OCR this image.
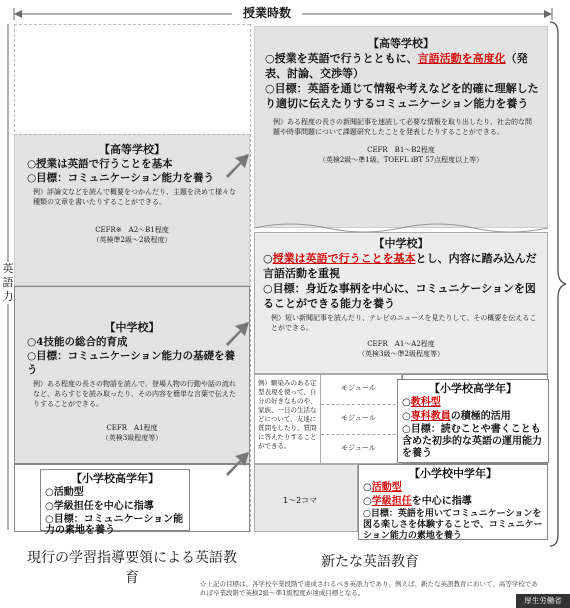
授業時数
英
語
力
【高等学校】
○授業は英語で行うことを基本
○目標：コミュニケーション能力を養う
例）評論文などを読んで概要をつかんだり、主題を決めて様々な種類の文章を書いたりすることができる。
CEFR※　A2～B1程度
（英検準2級～2級程度）
【中学校】
○4技能の総合的育成
○目標：コミュニケーション能力の基礎を養う
例）ある程度の長さの物語を読んで、登場人物の行動や話の流れなど、あらすじを読み取ったり、その内容を簡単な言葉で伝えたりすることができる。
CEFR　A1程度
（英検3級程度等）
【小学校高学年】
○活動型
○学級担任を中心に指導
○目標：コミュニケーション能力の素地を養う
現行の学習指導要領による英語教育
【高等学校】
○授業を英語で行うとともに、言語活動を高度化（発表、討論、交渉等）
○目標：英語を通じて情報や考えなどを的確に理解したり適切に伝えたりするコミュニケーション能力を養う
例）ある程度の長さの新聞記事を速読して必要な情報を取り出したり、社会的な問題や時事問題について課題研究したことを発表したりすることができる。
CEFR　B1～B2程度
（英検2級～準1級、TOEFL iBT 57点程度以上等）
【中学校】
○授業は英語で行うことを基本とし、内容に踏み込んだ言語活動を重視
○目標：身近な事柄を中心に、コミュニケーションを図ることができる能力を養う
例）短い新聞記事を読んだり、テレビのニュースを見たりして、その概要を伝えることができる。
CEFR　A1～A2程度
（英検3級～準2級程度等）
例）馴染みのある定型表現を使って、自分の好きなものや、家族、一日の生活などについて、友達に質問をしたり、質問に答えたりすることができる。
モジュール
モジュール
モジュール
【小学校高学年】
○教科型
○専科教員の積極的活用
○目標：読むことや書くことも含めた初歩的な英語の運用能力を養う
1～2コマ
【小学校中学年】
○活動型
○学級担任を中心に指導
○目標：英語を用いてコミュニケーションを図る楽しさを体験することで、コミュニケーション能力の素地を養う
新たな英語教育
☆上記の目標は、各学校卒業段階で達成されるべき英語力であり、例えば、新たな英語教育において、高等学校であれば卒業段階で英検2級～準1級程度が達成目標となる。
厚生労働省
